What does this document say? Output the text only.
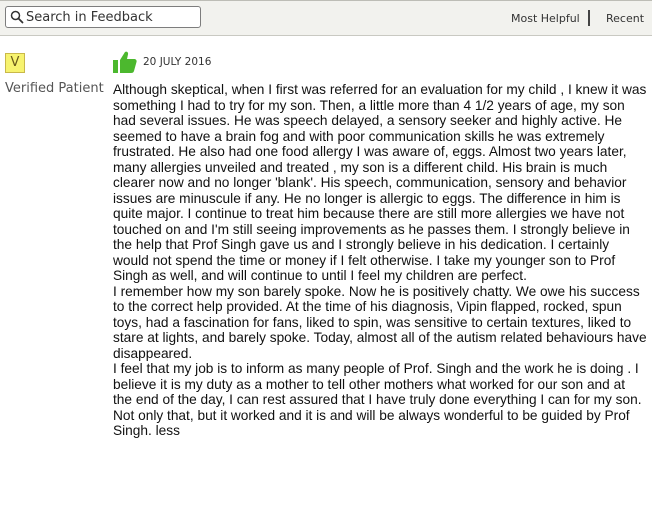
Search in Feedback
Most Helpful Recent
V
Verified Patient
20 JULY 2016

Although skeptical, when I first was referred for an evaluation for my child , I knew it was something I had to try for my son. Then, a little more than 4 1/2 years of age, my son had several issues. He was speech delayed, a sensory seeker and highly active. He seemed to have a brain fog and with poor communication skills he was extremely frustrated. He also had one food allergy I was aware of, eggs. Almost two years later, many allergies unveiled and treated , my son is a different child. His brain is much clearer now and no longer 'blank'. His speech, communication, sensory and behavior issues are minuscule if any. He no longer is allergic to eggs. The difference in him is quite major. I continue to treat him because there are still more allergies we have not touched on and I'm still seeing improvements as he passes them. I strongly believe in the help that Prof Singh gave us and I strongly believe in his dedication. I certainly would not spend the time or money if I felt otherwise. I take my younger son to Prof Singh as well, and will continue to until I feel my children are perfect.

I remember how my son barely spoke. Now he is positively chatty. We owe his success to the correct help provided. At the time of his diagnosis, Vipin flapped, rocked, spun toys, had a fascination for fans, liked to spin, was sensitive to certain textures, liked to stare at lights, and barely spoke. Today, almost all of the autism related behaviours have disappeared.

I feel that my job is to inform as many people of Prof. Singh and the work he is doing . I believe it is my duty as a mother to tell other mothers what worked for our son and at the end of the day, I can rest assured that I have truly done everything I can for my son. Not only that, but it worked and it is and will be always wonderful to be guided by Prof Singh. less
